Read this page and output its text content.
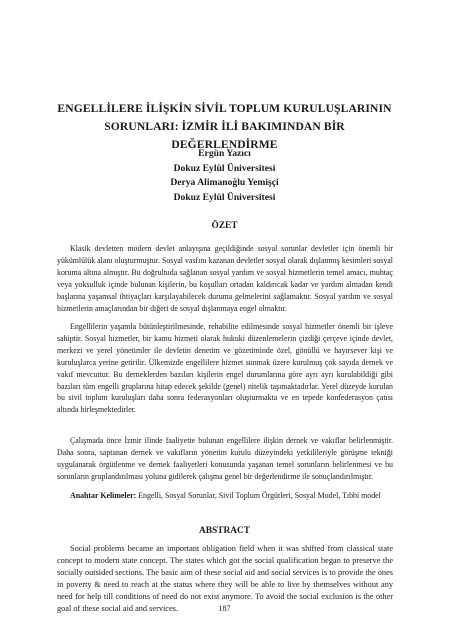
ENGELLİLERE İLİŞKİN SİVİL TOPLUM KURULUŞLARININ
SORUNLARI: İZMİR İLİ BAKIMINDAN BİR DEĞERLENDİRME
Ergün Yazıcı
Dokuz Eylül Üniversitesi
Derya Alimanoğlu Yemişçi
Dokuz Eylül Üniversitesi
ÖZET

Klasik devletten modern devlet anlayışına geçildiğinde sosyal sorunlar devletler için önemli bir yükümlülük alanı oluşturmuştur. Sosyal vasfını kazanan devletler sosyal olarak dışlanmış kesimleri sosyal koruma altına almıştır. Bu doğrultuda sağlanan sosyal yardım ve sosyal hizmetlerin temel amacı, muhtaç veya yoksulluk içinde bulunan kişilerin, bu koşulları ortadan kaldırıcak kadar ve yardım almadan kendi başlarına yaşamsal ihtiyaçları karşılayabilecek duruma gelmelerini sağlamaktır. Sosyal yardım ve sosyal hizmetlerin amaçlarından bir diğeri de sosyal dışlanmaya engel olmaktır.

Engellilerin yaşamla bütünleştirilmesinde, rehabilite edilmesinde sosyal hizmetler önemli bir işleve sahiptir. Sosyal hizmetler, bir kamu hizmeti olarak hukuki düzenlemelerin çizdiği çerçeve içinde devlet, merkezi ve yerel yönetimler ile devletin denetim ve gözetiminde özel, gönüllü ve hayırsever kişi ve kuruluşlarca yerine getirilir. Ülkemizde engellilere hizmet sunmak üzere kurulmuş çok sayıda dernek ve vakıf mevcuttur. Bu derneklerden bazıları kişilerin engel durumlarına göre ayrı ayrı kurulabildiği gibi bazıları tüm engelli gruplarına hitap edecek şekilde (genel) nitelik taşımaktadırlar. Yerel düzeyde kurulan bu sivil toplum kuruluşları daha sonra federasyonları oluşturmakta ve en tepede konfederasyon çatısı altında birleşmektedirler.

Çalışmada önce İzmir ilinde faaliyette bulunan engellilere ilişkin dernek ve vakıflar belirlenmiştir. Daha sonra, saptanan dernek ve vakıfların yönetim kurulu düzeyindeki yetkilileriyle görüşme tekniği uygulanarak örgütlenme ve dernek faaliyetleri konusunda yaşanan temel sorunların belirlenmesi ve bu sorunların gruplandırılması yoluna gidilerek çalışma genel bir değerlendirme ile sonuçlandırılmıştır.

Anahtar Kelimeler: Engelli, Sosyal Sorunlar, Sivil Toplum Örgütleri, Sosyal Model, Tıbbi model

ABSTRACT

Social problems became an important obligation field when it was shifted from classical state concept to modern state concept. The states which got the social qualification began to preserve the socially outsided sections. The basic aim of these social aid and social services is to provide the ones in poverty & need to reach at the status where they will be able to live by themselves without any need for help till conditions of need do not exist anymore. To avoid the social exclusion is the other goal of these social aid and services.	187
